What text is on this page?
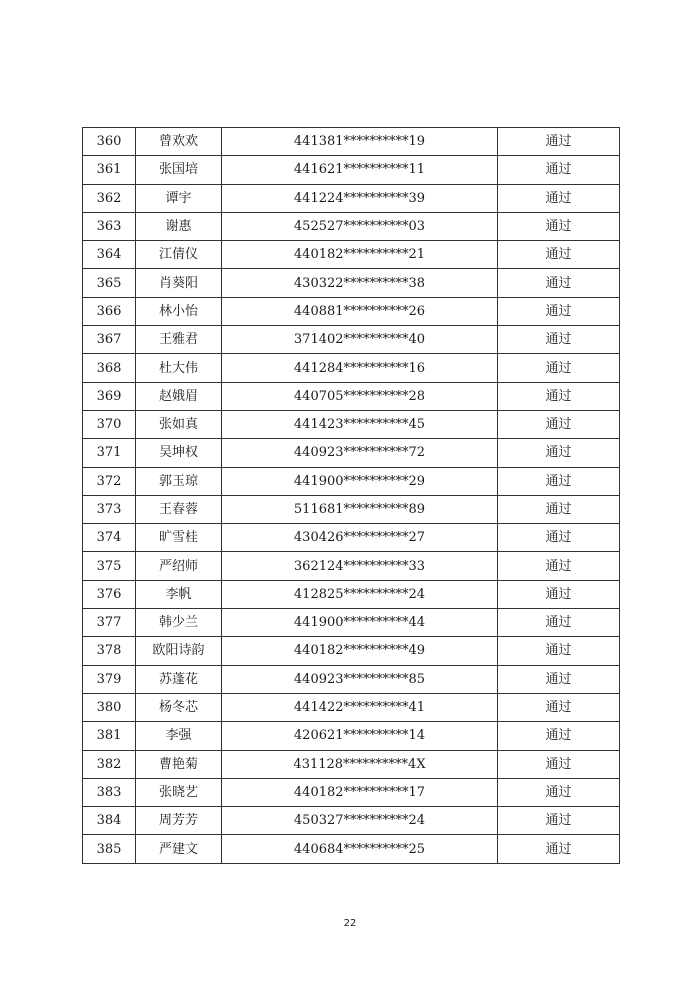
360	曾欢欢	441381**********19	通过
361	张国培	441621**********11	通过
362	谭宇	441224**********39	通过
363	谢惠	452527**********03	通过
364	江倩仪	440182**********21	通过
365	肖葵阳	430322**********38	通过
366	林小怡	440881**********26	通过
367	王雅君	371402**********40	通过
368	杜大伟	441284**********16	通过
369	赵娥眉	440705**********28	通过
370	张如真	441423**********45	通过
371	吴坤权	440923**********72	通过
372	郭玉琼	441900**********29	通过
373	王春蓉	511681**********89	通过
374	旷雪桂	430426**********27	通过
375	严绍师	362124**********33	通过
376	李帆	412825**********24	通过
377	韩少兰	441900**********44	通过
378	欧阳诗韵	440182**********49	通过
379	苏蓬花	440923**********85	通过
380	杨冬芯	441422**********41	通过
381	李强	420621**********14	通过
382	曹艳菊	431128**********4X	通过
383	张晓艺	440182**********17	通过
384	周芳芳	450327**********24	通过
385	严建文	440684**********25	通过
22
